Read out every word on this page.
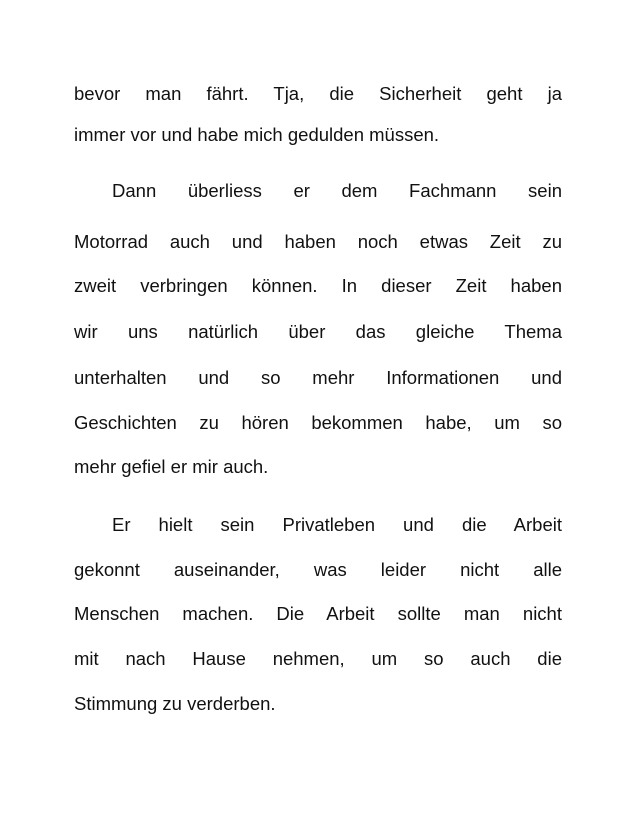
bevor man fährt. Tja, die Sicherheit geht ja
immer vor und habe mich gedulden müssen.
Dann überliess er dem Fachmann sein
Motorrad auch und haben noch etwas Zeit zu
zweit verbringen können. In dieser Zeit haben
wir uns natürlich über das gleiche Thema
unterhalten und so mehr Informationen und
Geschichten zu hören bekommen habe, um so
mehr gefiel er mir auch.
Er hielt sein Privatleben und die Arbeit
gekonnt auseinander, was leider nicht alle
Menschen machen. Die Arbeit sollte man nicht
mit nach Hause nehmen, um so auch die
Stimmung zu verderben.
